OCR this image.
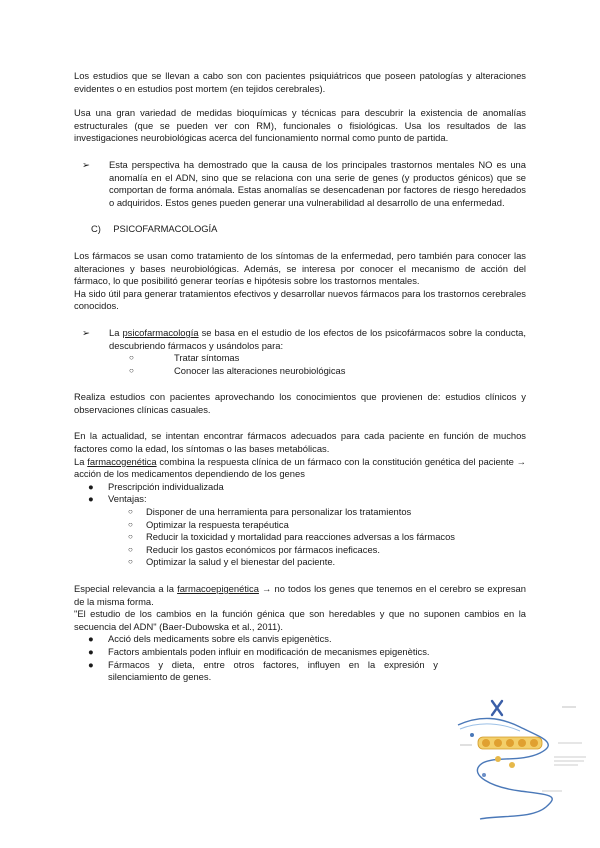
Los estudios que se llevan a cabo son con pacientes psiquiátricos que poseen patologías y alteraciones evidentes o en estudios post mortem (en tejidos cerebrales).

Usa una gran variedad de medidas bioquímicas y técnicas para descubrir la existencia de anomalías estructurales (que se pueden ver con RM), funcionales o fisiológicas. Usa los resultados de las investigaciones neurobiológicas acerca del funcionamiento normal como punto de partida.

➢ Esta perspectiva ha demostrado que la causa de los principales trastornos mentales NO es una anomalía en el ADN, sino que se relaciona con una serie de genes (y productos génicos) que se comportan de forma anómala. Estas anomalías se desencadenan por factores de riesgo heredados o adquiridos. Estos genes pueden generar una vulnerabilidad al desarrollo de una enfermedad.
C) PSICOFARMACOLOGÍA

Los fármacos se usan como tratamiento de los síntomas de la enfermedad, pero también para conocer las alteraciones y bases neurobiológicas. Además, se interesa por conocer el mecanismo de acción del fármaco, lo que posibilitó generar teorías e hipótesis sobre los trastornos mentales.

Ha sido útil para generar tratamientos efectivos y desarrollar nuevos fármacos para los trastornos cerebrales conocidos.

➢ La psicofarmacología se basa en el estudio de los efectos de los psicofármacos sobre la conducta, descubriendo fármacos y usándolos para:
○	Tratar síntomas
○	Conocer las alteraciones neurobiológicas

Realiza estudios con pacientes aprovechando los conocimientos que provienen de: estudios clínicos y observaciones clínicas casuales.

En la actualidad, se intentan encontrar fármacos adecuados para cada paciente en función de muchos factores como la edad, los síntomas o las bases metabólicas.

La farmacogenética combina la respuesta clínica de un fármaco con la constitución genética del paciente → acción de los medicamentos dependiendo de los genes

● Prescripción individualizada
● Ventajas:
○ Disponer de una herramienta para personalizar los tratamientos
○ Optimizar la respuesta terapéutica
○ Reducir la toxicidad y mortalidad para reacciones adversas a los fármacos
○ Reducir los gastos económicos por fármacos ineficaces.
○ Optimizar la salud y el bienestar del paciente.

Especial relevancia a la farmacoepigenética → no todos los genes que tenemos en el cerebro se expresan de la misma forma.

"El estudio de los cambios en la función génica que son heredables y que no suponen cambios en la secuencia del ADN" (Baer-Dubowska et al., 2011).

● Acció dels medicaments sobre els canvis epigenètics.
● Factors ambientals poden influir en modificación de mecanismes epigenètics.
● Fármacos y dieta, entre otros factores, influyen en la expresión y silenciamiento de genes.
